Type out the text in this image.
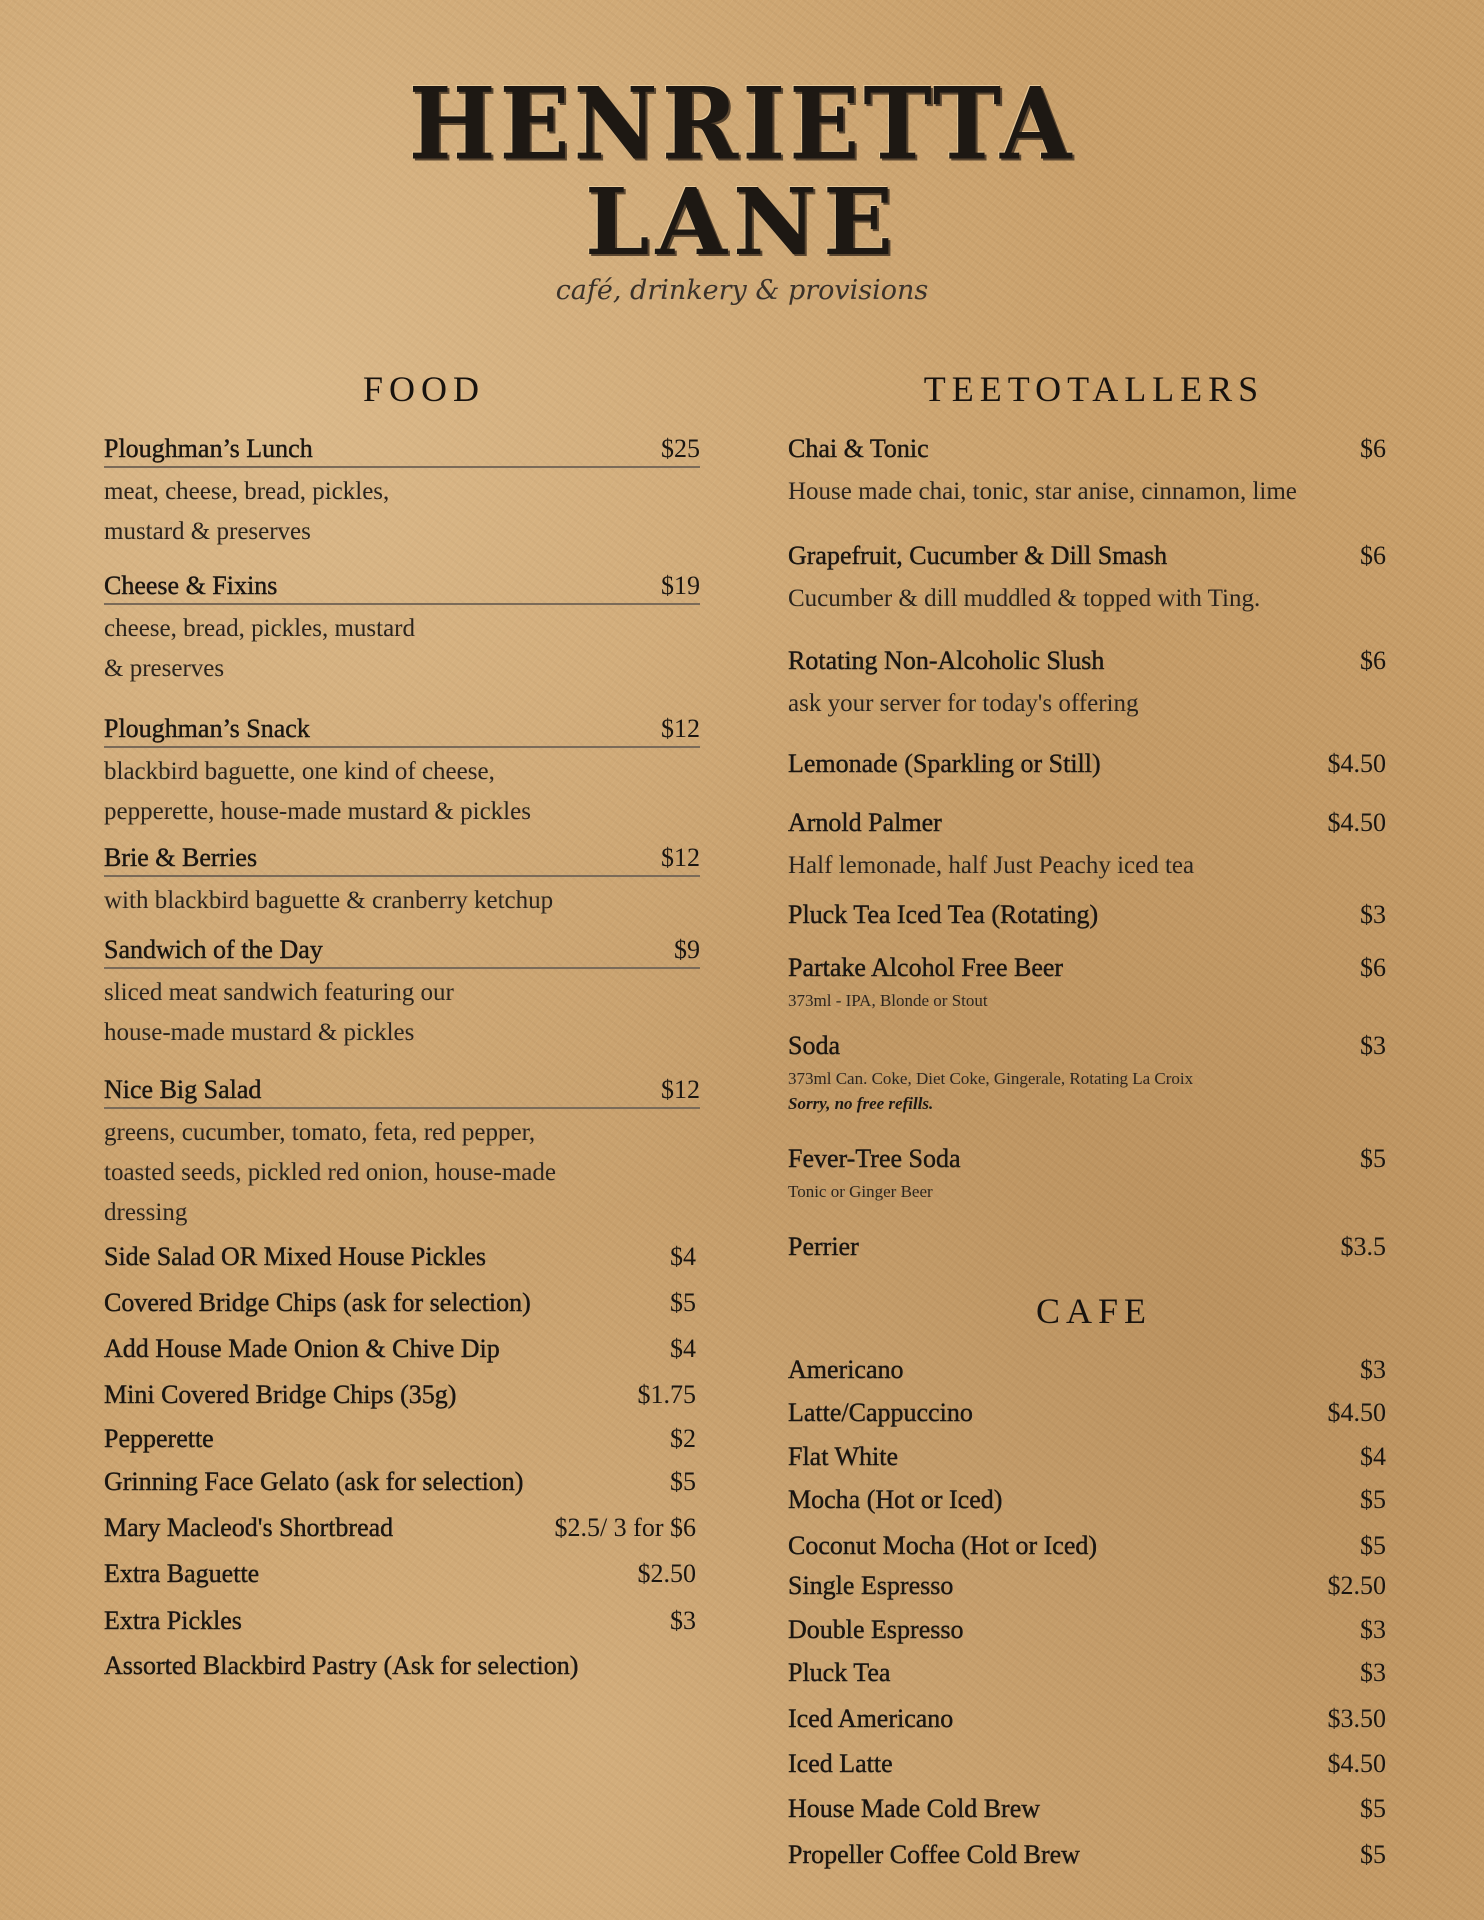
HENRIETTA
LANE
café, drinkery & provisions
FOOD
Ploughman’s Lunch	$25
meat, cheese, bread, pickles,
mustard & preserves
Cheese & Fixins	$19
cheese, bread, pickles, mustard
& preserves
Ploughman’s Snack	$12
blackbird baguette, one kind of cheese,
pepperette, house-made mustard & pickles
Brie & Berries	$12
with blackbird baguette & cranberry ketchup
Sandwich of the Day	$9
sliced meat sandwich featuring our
house-made mustard & pickles
Nice Big Salad	$12
greens, cucumber, tomato, feta, red pepper,
toasted seeds, pickled red onion, house-made
dressing
Side Salad OR Mixed House Pickles	$4
Covered Bridge Chips (ask for selection)	$5
Add House Made Onion & Chive Dip	$4
Mini Covered Bridge Chips (35g)	$1.75
Pepperette	$2
Grinning Face Gelato (ask for selection)	$5
Mary Macleod's Shortbread	$2.5/ 3 for $6
Extra Baguette	$2.50
Extra Pickles	$3
Assorted Blackbird Pastry (Ask for selection)
TEETOTALLERS
Chai & Tonic	$6
House made chai, tonic, star anise, cinnamon, lime
Grapefruit, Cucumber & Dill Smash	$6
Cucumber & dill muddled & topped with Ting.
Rotating Non-Alcoholic Slush	$6
ask your server for today's offering
Lemonade (Sparkling or Still)	$4.50
Arnold Palmer	$4.50
Half lemonade, half Just Peachy iced tea
Pluck Tea Iced Tea (Rotating)	$3
Partake Alcohol Free Beer	$6
373ml - IPA, Blonde or Stout
Soda	$3
373ml Can. Coke, Diet Coke, Gingerale, Rotating La Croix
Sorry, no free refills.
Fever-Tree Soda	$5
Tonic or Ginger Beer
Perrier	$3.5
CAFE
Americano	$3
Latte/Cappuccino	$4.50
Flat White	$4
Mocha (Hot or Iced)	$5
Coconut Mocha (Hot or Iced)	$5
Single Espresso	$2.50
Double Espresso	$3
Pluck Tea	$3
Iced Americano	$3.50
Iced Latte	$4.50
House Made Cold Brew	$5
Propeller Coffee Cold Brew	$5
